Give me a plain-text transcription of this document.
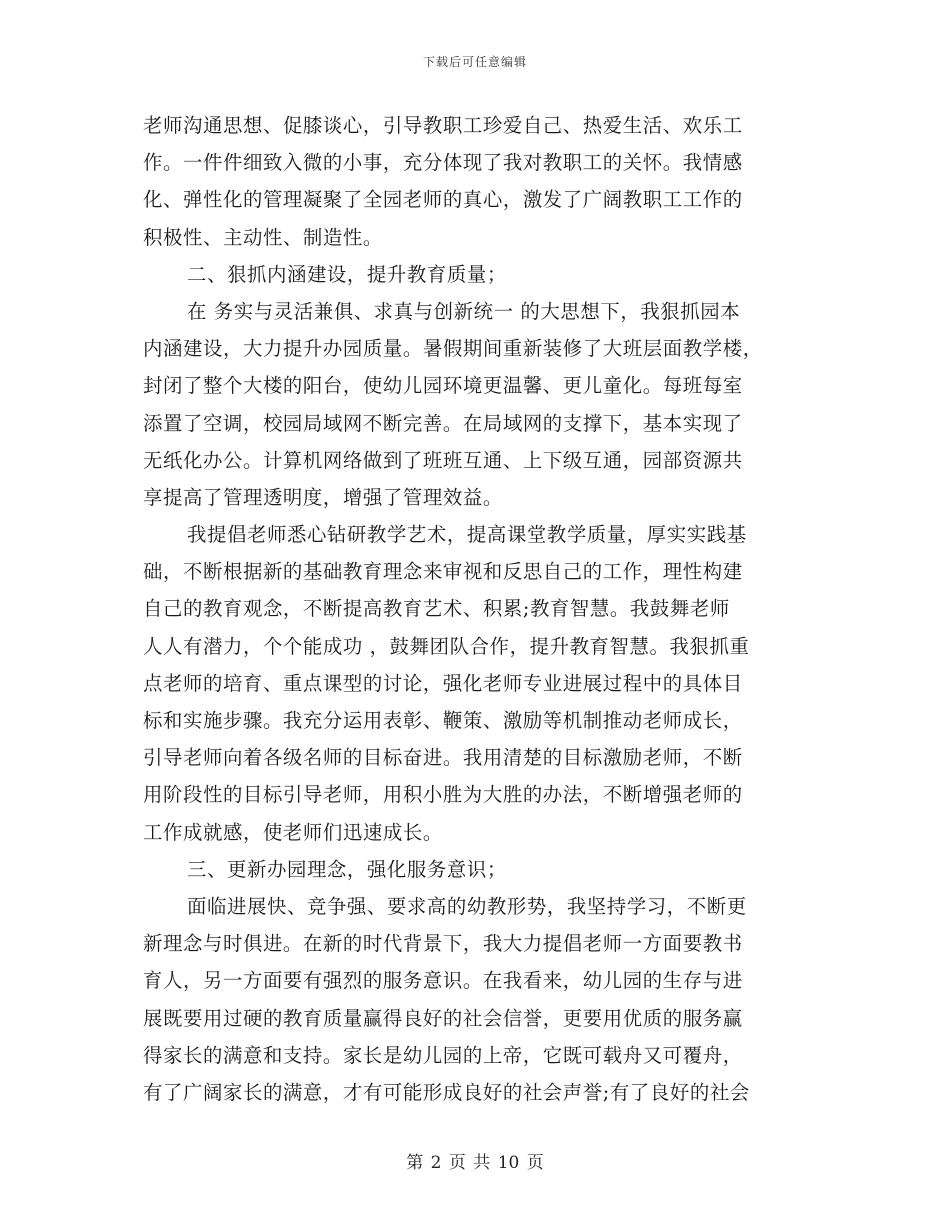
下载后可任意编辑
老师沟通思想、促膝谈心，引导教职工珍爱自己、热爱生活、欢乐工
作。一件件细致入微的小事，充分体现了我对教职工的关怀。我情感
化、弹性化的管理凝聚了全园老师的真心，激发了广阔教职工工作的
积极性、主动性、制造性。
二、狠抓内涵建设，提升教育质量；
在 务实与灵活兼俱、求真与创新统一 的大思想下，我狠抓园本
内涵建设，大力提升办园质量。暑假期间重新装修了大班层面教学楼，
封闭了整个大楼的阳台，使幼儿园环境更温馨、更儿童化。每班每室
添置了空调，校园局域网不断完善。在局域网的支撑下，基本实现了
无纸化办公。计算机网络做到了班班互通、上下级互通，园部资源共
享提高了管理透明度，增强了管理效益。
我提倡老师悉心钻研教学艺术，提高课堂教学质量，厚实实践基
础，不断根据新的基础教育理念来审视和反思自己的工作，理性构建
自己的教育观念，不断提高教育艺术、积累;教育智慧。我鼓舞老师
人人有潜力，个个能成功 ，鼓舞团队合作，提升教育智慧。我狠抓重
点老师的培育、重点课型的讨论，强化老师专业进展过程中的具体目
标和实施步骤。我充分运用表彰、鞭策、激励等机制推动老师成长，
引导老师向着各级名师的目标奋进。我用清楚的目标激励老师，不断
用阶段性的目标引导老师，用积小胜为大胜的办法，不断增强老师的
工作成就感，使老师们迅速成长。
三、更新办园理念，强化服务意识；
面临进展快、竞争强、要求高的幼教形势，我坚持学习，不断更
新理念与时俱进。在新的时代背景下，我大力提倡老师一方面要教书
育人，另一方面要有强烈的服务意识。在我看来，幼儿园的生存与进
展既要用过硬的教育质量赢得良好的社会信誉，更要用优质的服务赢
得家长的满意和支持。家长是幼儿园的上帝，它既可载舟又可覆舟，
有了广阔家长的满意，才有可能形成良好的社会声誉;有了良好的社会
第 2 页 共 10 页
